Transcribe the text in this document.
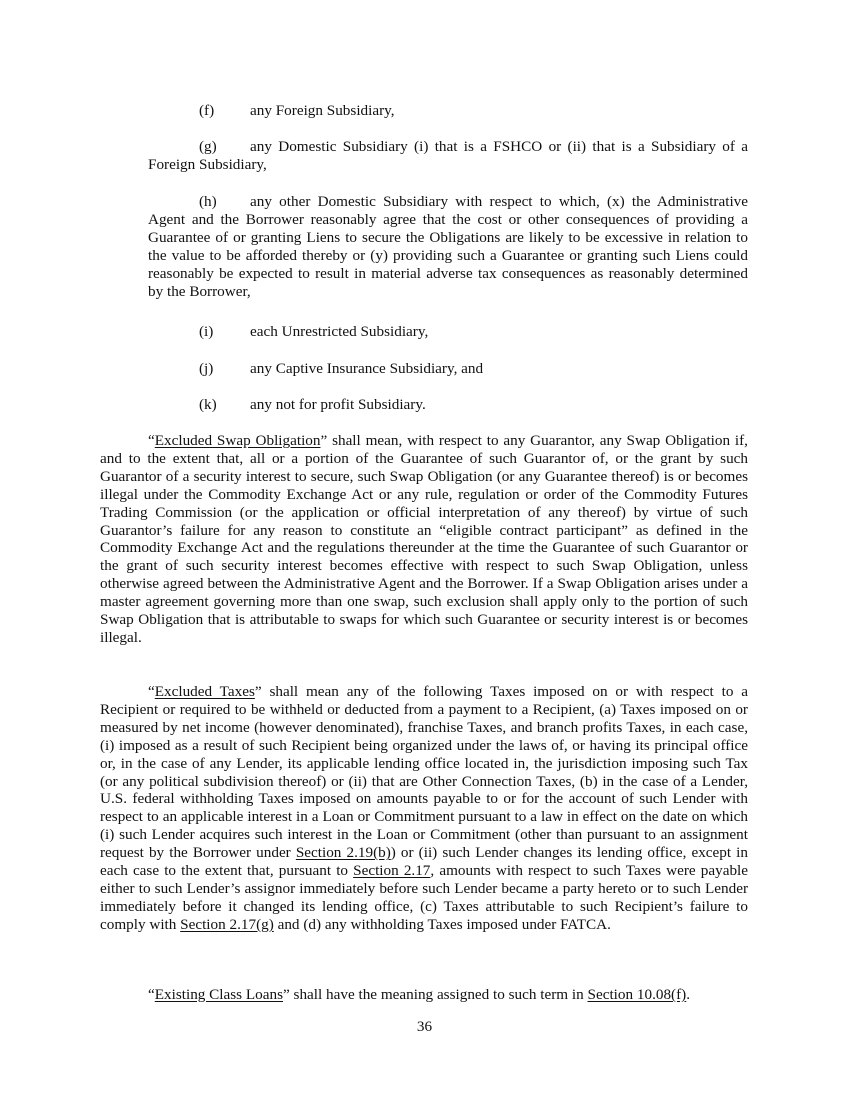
(f) any Foreign Subsidiary,
(g) any Domestic Subsidiary (i) that is a FSHCO or (ii) that is a Subsidiary of a Foreign Subsidiary,
(h) any other Domestic Subsidiary with respect to which, (x) the Administrative Agent and the Borrower reasonably agree that the cost or other consequences of providing a Guarantee of or granting Liens to secure the Obligations are likely to be excessive in relation to the value to be afforded thereby or (y) providing such a Guarantee or granting such Liens could reasonably be expected to result in material adverse tax consequences as reasonably determined by the Borrower,
(i) each Unrestricted Subsidiary,
(j) any Captive Insurance Subsidiary, and
(k) any not for profit Subsidiary.
“Excluded Swap Obligation” shall mean, with respect to any Guarantor, any Swap Obligation if, and to the extent that, all or a portion of the Guarantee of such Guarantor of, or the grant by such Guarantor of a security interest to secure, such Swap Obligation (or any Guarantee thereof) is or becomes illegal under the Commodity Exchange Act or any rule, regulation or order of the Commodity Futures Trading Commission (or the application or official interpretation of any thereof) by virtue of such Guarantor’s failure for any reason to constitute an “eligible contract participant” as defined in the Commodity Exchange Act and the regulations thereunder at the time the Guarantee of such Guarantor or the grant of such security interest becomes effective with respect to such Swap Obligation, unless otherwise agreed between the Administrative Agent and the Borrower. If a Swap Obligation arises under a master agreement governing more than one swap, such exclusion shall apply only to the portion of such Swap Obligation that is attributable to swaps for which such Guarantee or security interest is or becomes illegal.
“Excluded Taxes” shall mean any of the following Taxes imposed on or with respect to a Recipient or required to be withheld or deducted from a payment to a Recipient, (a) Taxes imposed on or measured by net income (however denominated), franchise Taxes, and branch profits Taxes, in each case, (i) imposed as a result of such Recipient being organized under the laws of, or having its principal office or, in the case of any Lender, its applicable lending office located in, the jurisdiction imposing such Tax (or any political subdivision thereof) or (ii) that are Other Connection Taxes, (b) in the case of a Lender, U.S. federal withholding Taxes imposed on amounts payable to or for the account of such Lender with respect to an applicable interest in a Loan or Commitment pursuant to a law in effect on the date on which (i) such Lender acquires such interest in the Loan or Commitment (other than pursuant to an assignment request by the Borrower under Section 2.19(b)) or (ii) such Lender changes its lending office, except in each case to the extent that, pursuant to Section 2.17, amounts with respect to such Taxes were payable either to such Lender’s assignor immediately before such Lender became a party hereto or to such Lender immediately before it changed its lending office, (c) Taxes attributable to such Recipient’s failure to comply with Section 2.17(g) and (d) any withholding Taxes imposed under FATCA.
“Existing Class Loans” shall have the meaning assigned to such term in Section 10.08(f).
36
